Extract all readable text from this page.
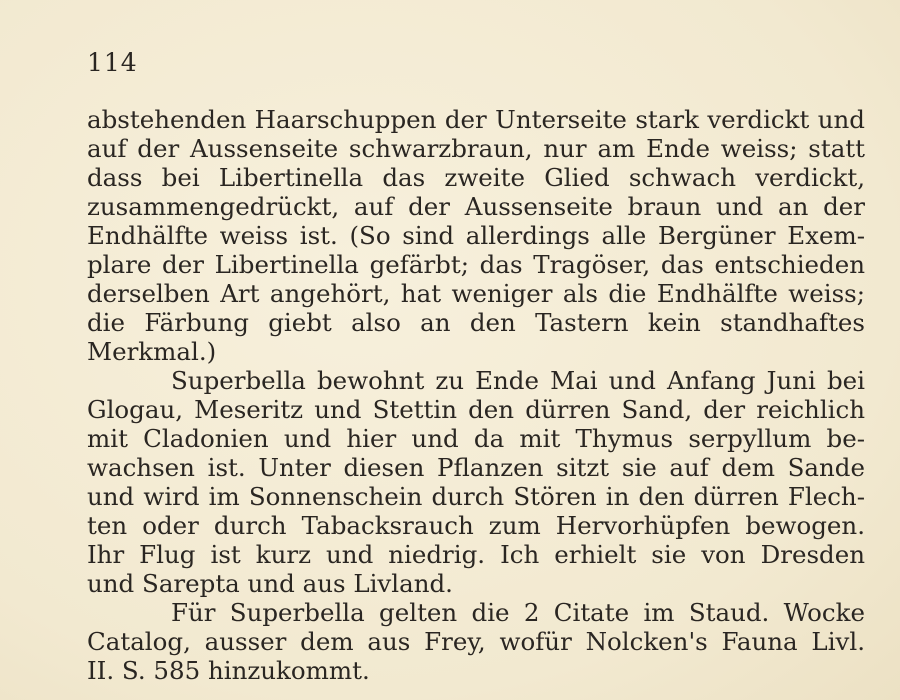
114
abstehenden Haarschuppen der Unterseite stark verdickt und
auf der Aussenseite schwarzbraun, nur am Ende weiss; statt
dass bei Libertinella das zweite Glied schwach verdickt,
zusammengedrückt, auf der Aussenseite braun und an der
Endhälfte weiss ist. (So sind allerdings alle Bergüner Exem-
plare der Libertinella gefärbt; das Tragöser, das entschieden
derselben Art angehört, hat weniger als die Endhälfte weiss;
die Färbung giebt also an den Tastern kein standhaftes
Merkmal.)
Superbella bewohnt zu Ende Mai und Anfang Juni bei
Glogau, Meseritz und Stettin den dürren Sand, der reichlich
mit Cladonien und hier und da mit Thymus serpyllum be-
wachsen ist. Unter diesen Pflanzen sitzt sie auf dem Sande
und wird im Sonnenschein durch Stören in den dürren Flech-
ten oder durch Tabacksrauch zum Hervorhüpfen bewogen.
Ihr Flug ist kurz und niedrig. Ich erhielt sie von Dresden
und Sarepta und aus Livland.
Für Superbella gelten die 2 Citate im Staud. Wocke
Catalog, ausser dem aus Frey, wofür Nolcken's Fauna Livl.
II. S. 585 hinzukommt.
